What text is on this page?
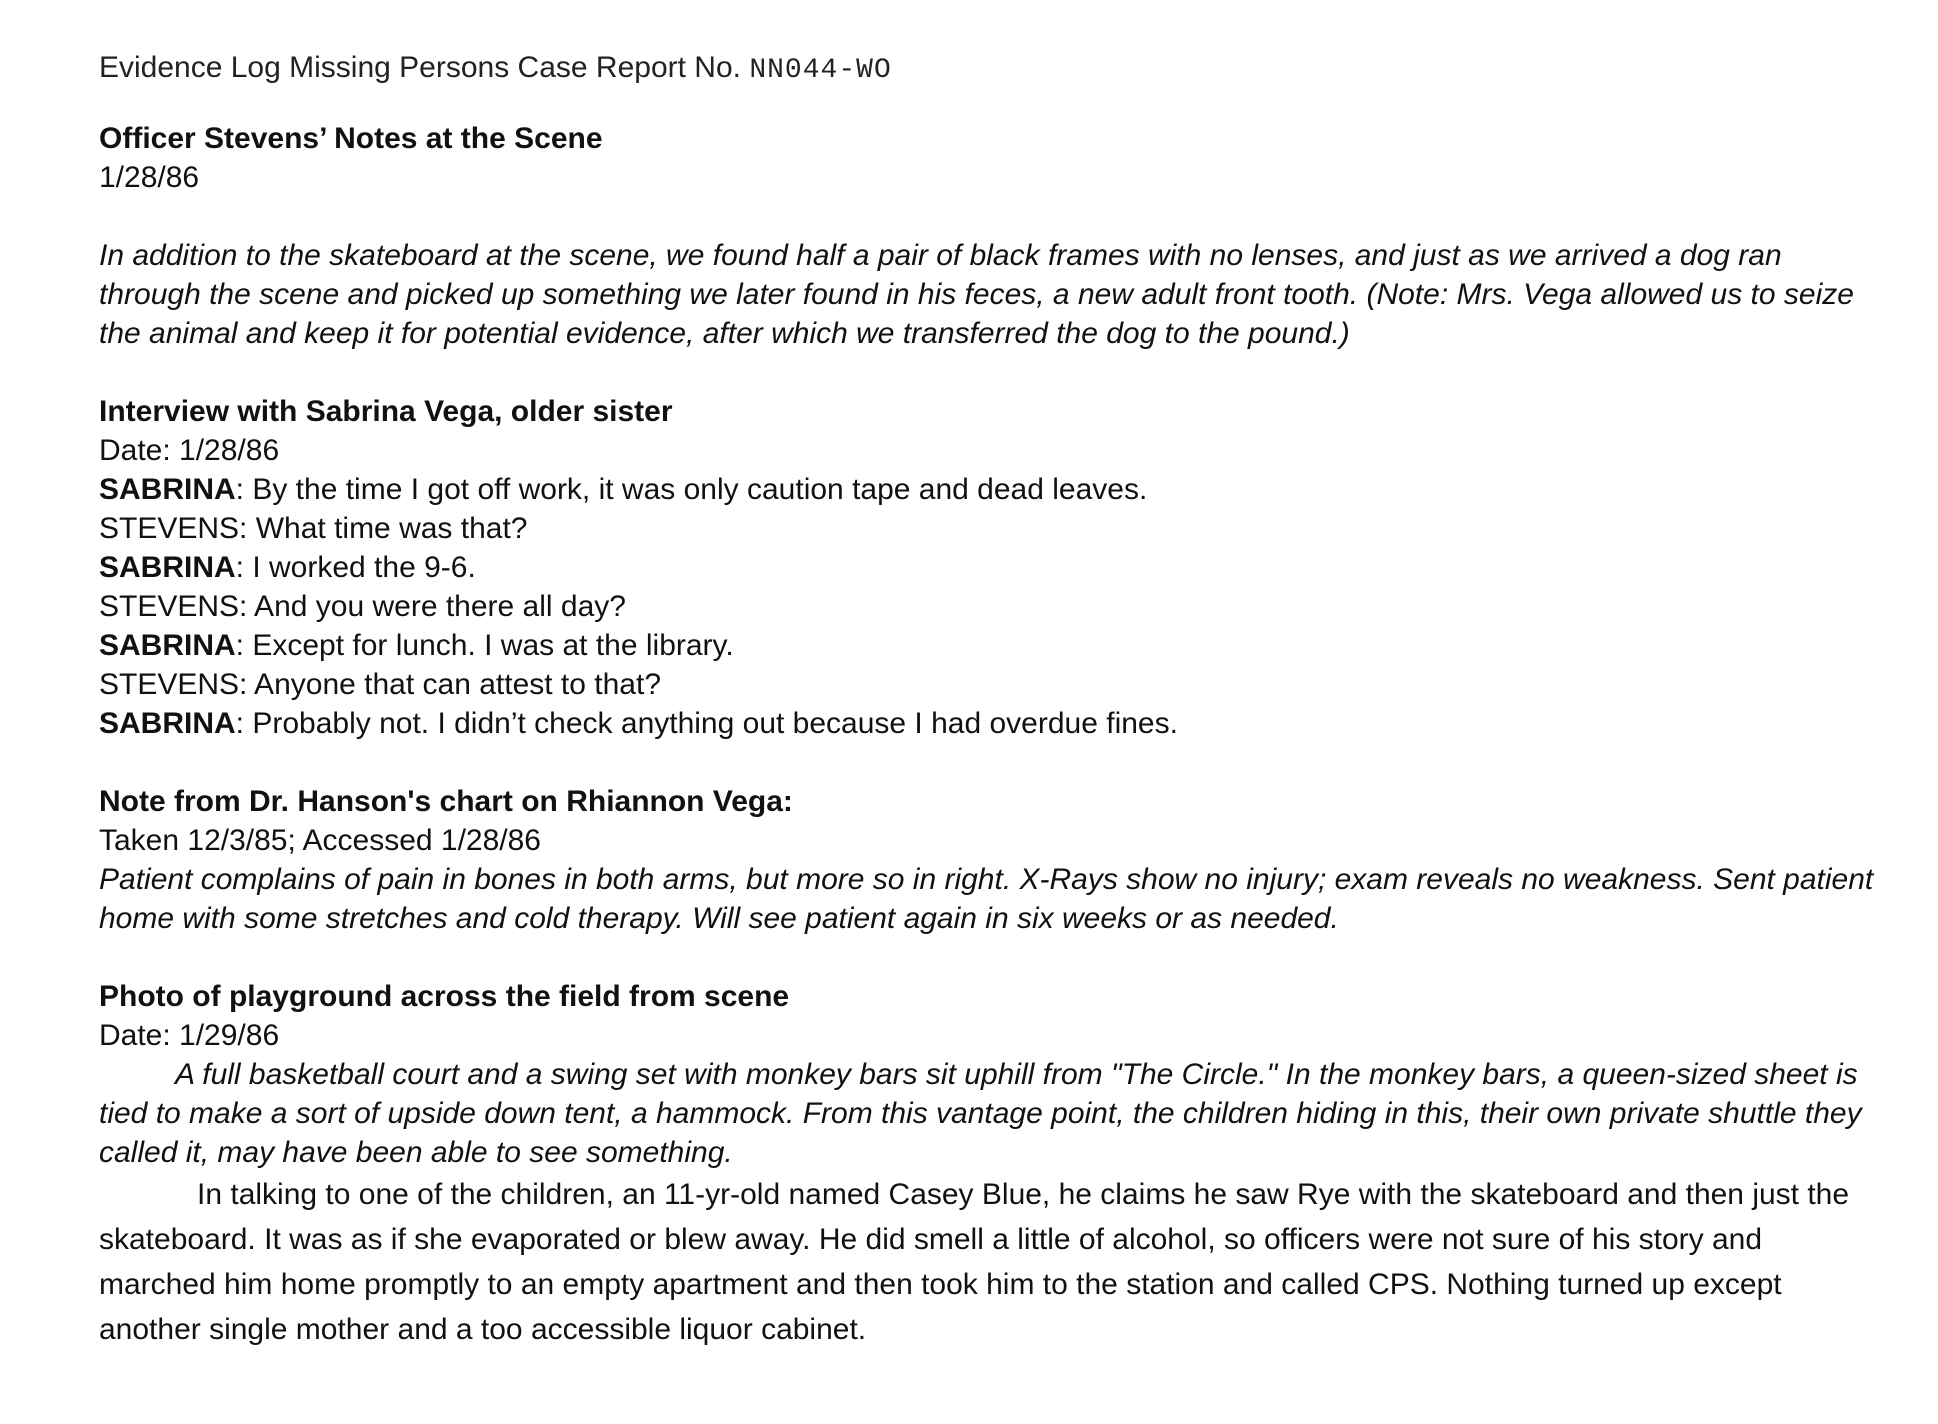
Evidence Log Missing Persons Case Report No. NN044-WO

Officer Stevens’ Notes at the Scene

1/28/86

In addition to the skateboard at the scene, we found half a pair of black frames with no lenses, and just as we arrived a dog ran through the scene and picked up something we later found in his feces, a new adult front tooth. (Note: Mrs. Vega allowed us to seize the animal and keep it for potential evidence, after which we transferred the dog to the pound.)

Interview with Sabrina Vega, older sister

Date: 1/28/86

SABRINA: By the time I got off work, it was only caution tape and dead leaves.

STEVENS: What time was that?

SABRINA: I worked the 9-6.

STEVENS: And you were there all day?

SABRINA: Except for lunch. I was at the library.

STEVENS: Anyone that can attest to that?

SABRINA: Probably not. I didn’t check anything out because I had overdue fines.

Note from Dr. Hanson's chart on Rhiannon Vega:

Taken 12/3/85; Accessed 1/28/86

Patient complains of pain in bones in both arms, but more so in right. X-Rays show no injury; exam reveals no weakness. Sent patient home with some stretches and cold therapy. Will see patient again in six weeks or as needed.

Photo of playground across the field from scene

Date: 1/29/86

A full basketball court and a swing set with monkey bars sit uphill from "The Circle." In the monkey bars, a queen-sized sheet is tied to make a sort of upside down tent, a hammock. From this vantage point, the children hiding in this, their own private shuttle they called it, may have been able to see something.

In talking to one of the children, an 11-yr-old named Casey Blue, he claims he saw Rye with the skateboard and then just the skateboard. It was as if she evaporated or blew away. He did smell a little of alcohol, so officers were not sure of his story and marched him home promptly to an empty apartment and then took him to the station and called CPS. Nothing turned up except another single mother and a too accessible liquor cabinet.
